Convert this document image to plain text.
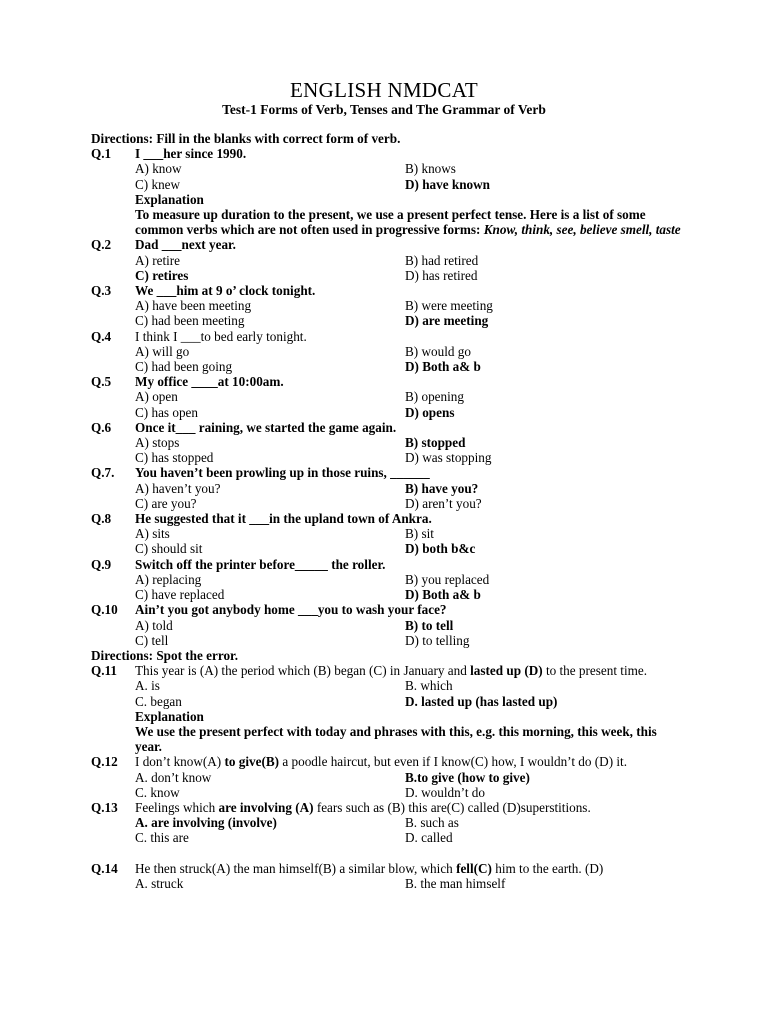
ENGLISH NMDCAT
Test-1 Forms of Verb, Tenses and The Grammar of Verb
Directions: Fill in the blanks with correct form of verb.
Q.1	I ___her since 1990.
A) know	B) knows
C) knew	D) have known
Explanation
To measure up duration to the present, we use a present perfect tense. Here is a list of some common verbs which are not often used in progressive forms: Know, think, see, believe smell, taste
Q.2	Dad ___next year.
A) retire	B) had retired
C) retires	D) has retired
Q.3	We ___him at 9 o’ clock tonight.
A) have been meeting	B) were meeting
C) had been meeting	D) are meeting
Q.4	I think I ___to bed early tonight.
A) will go	B) would go
C) had been going	D) Both a& b
Q.5	My office ____at 10:00am.
A) open	B) opening
C) has open	D) opens
Q.6	Once it___ raining, we started the game again.
A) stops	B) stopped
C) has stopped	D) was stopping
Q.7.	You haven’t been prowling up in those ruins, ______
A) haven’t you?	B) have you?
C) are you?	D) aren’t you?
Q.8	He suggested that it ___in the upland town of Ankra.
A) sits	B) sit
C) should sit	D) both b&c
Q.9	Switch off the printer before_____ the roller.
A) replacing	B) you replaced
C) have replaced	D) Both a& b
Q.10	Ain’t you got anybody home ___you to wash your face?
A) told	B) to tell
C) tell	D) to telling
Directions: Spot the error.
Q.11	This year is (A) the period which (B) began (C) in January and lasted up (D) to the present time.
A. is	B. which
C. began	D. lasted up (has lasted up)
Explanation
We use the present perfect with today and phrases with this, e.g. this morning, this week, this year.
Q.12	I don’t know(A) to give(B) a poodle haircut, but even if I know(C) how, I wouldn’t do (D) it.
A. don’t know	B.to give (how to give)
C. know	D. wouldn’t do
Q.13	Feelings which are involving (A) fears such as (B) this are(C) called (D)superstitions.
A. are involving (involve)	B. such as
C. this are	D. called
Q.14	He then struck(A) the man himself(B) a similar blow, which fell(C) him to the earth. (D)
A. struck	B. the man himself
